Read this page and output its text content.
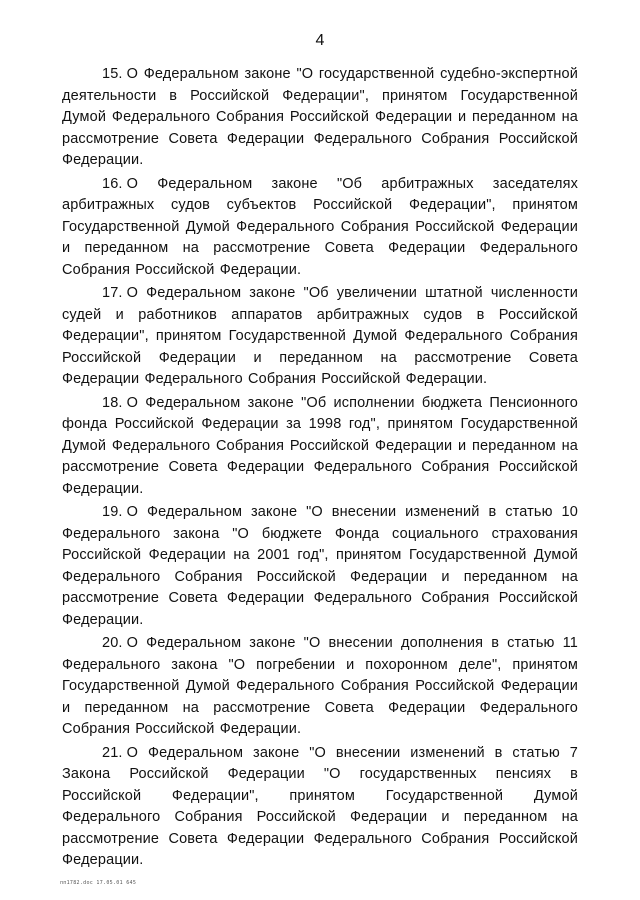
4

15. О Федеральном законе "О государственной судебно-экспертной деятельности в Российской Федерации", принятом Государственной Думой Федерального Собрания Российской Федерации и переданном на рассмотрение Совета Федерации Федерального Собрания Российской Федерации.

16. О Федеральном законе "Об арбитражных заседателях арбитражных судов субъектов Российской Федерации", принятом Государственной Думой Федерального Собрания Российской Федерации и переданном на рассмотрение Совета Федерации Федерального Собрания Российской Федерации.

17. О Федеральном законе "Об увеличении штатной численности судей и работников аппаратов арбитражных судов в Российской Федерации", принятом Государственной Думой Федерального Собрания Российской Федерации и переданном на рассмотрение Совета Федерации Федерального Собрания Российской Федерации.

18. О Федеральном законе "Об исполнении бюджета Пенсионного фонда Российской Федерации за 1998 год", принятом Государственной Думой Федерального Собрания Российской Федерации и переданном на рассмотрение Совета Федерации Федерального Собрания Российской Федерации.

19. О Федеральном законе "О внесении изменений в статью 10 Федерального закона "О бюджете Фонда социального страхования Российской Федерации на 2001 год", принятом Государственной Думой Федерального Собрания Российской Федерации и переданном на рассмотрение Совета Федерации Федерального Собрания Российской Федерации.

20. О Федеральном законе "О внесении дополнения в статью 11 Федерального закона "О погребении и похоронном деле", принятом Государственной Думой Федерального Собрания Российской Федерации и переданном на рассмотрение Совета Федерации Федерального Собрания Российской Федерации.

21. О Федеральном законе "О внесении изменений в статью 7 Закона Российской Федерации "О государственных пенсиях в Российской Федерации", принятом Государственной Думой Федерального Собрания Российской Федерации и переданном на рассмотрение Совета Федерации Федерального Собрания Российской Федерации.

пп1782.doc 17.05.01 645
